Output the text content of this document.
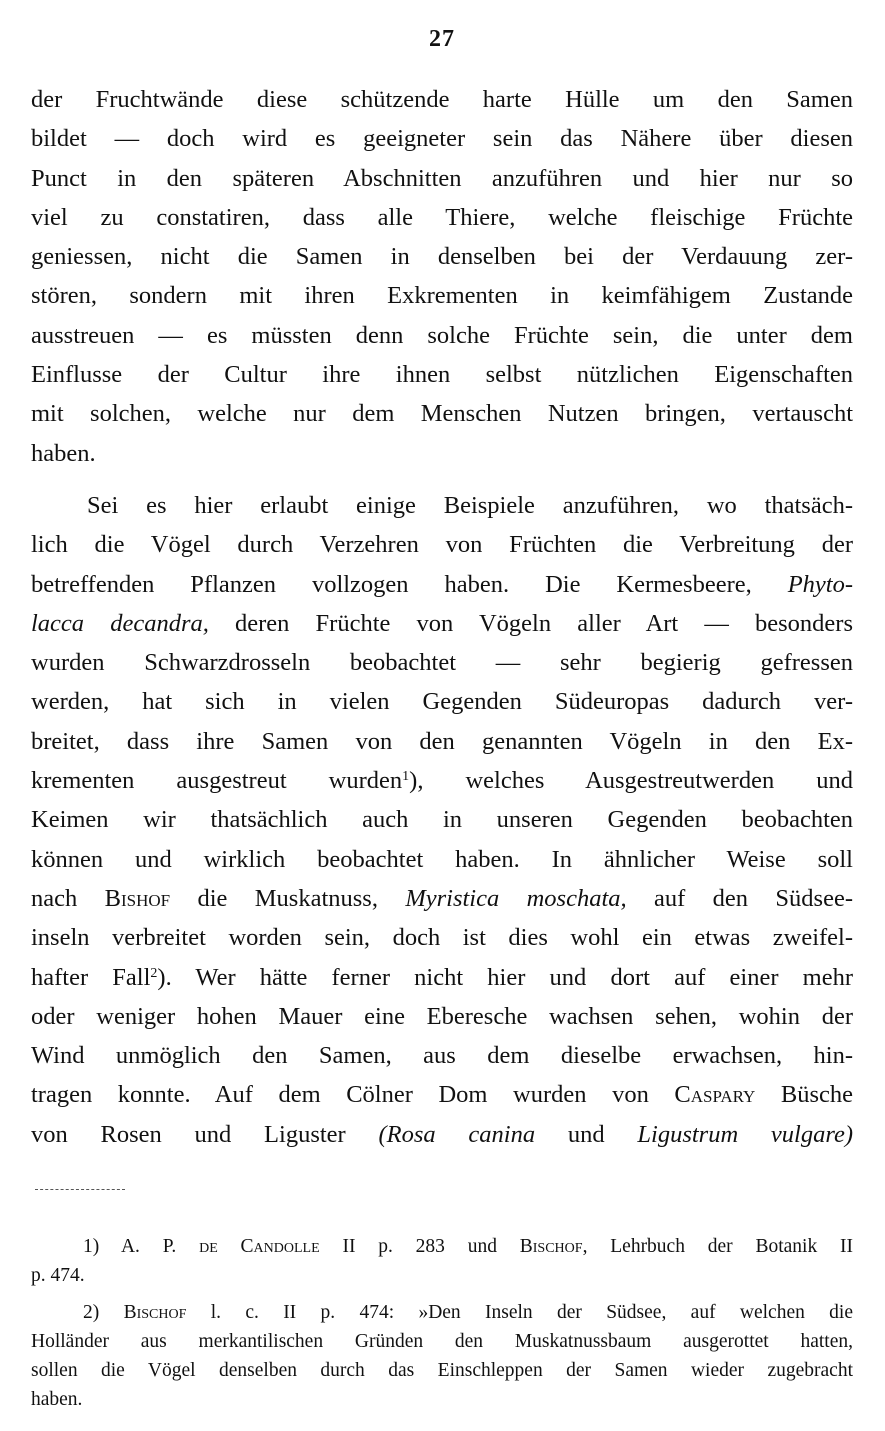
27
der Fruchtwände diese schützende harte Hülle um den Samen
bildet — doch wird es geeigneter sein das Nähere über diesen
Punct in den späteren Abschnitten anzuführen und hier nur so
viel zu constatiren, dass alle Thiere, welche fleischige Früchte
geniessen, nicht die Samen in denselben bei der Verdauung zer-
stören, sondern mit ihren Exkrementen in keimfähigem Zustande
ausstreuen — es müssten denn solche Früchte sein, die unter dem
Einflusse der Cultur ihre ihnen selbst nützlichen Eigenschaften
mit solchen, welche nur dem Menschen Nutzen bringen, vertauscht
haben.
Sei es hier erlaubt einige Beispiele anzuführen, wo thatsäch-
lich die Vögel durch Verzehren von Früchten die Verbreitung der
betreffenden Pflanzen vollzogen haben. Die Kermesbeere, Phyto-
lacca decandra, deren Früchte von Vögeln aller Art — besonders
wurden Schwarzdrosseln beobachtet — sehr begierig gefressen
werden, hat sich in vielen Gegenden Südeuropas dadurch ver-
breitet, dass ihre Samen von den genannten Vögeln in den Ex-
krementen ausgestreut wurden$^1$), welches Ausgestreutwerden und
Keimen wir thatsächlich auch in unseren Gegenden beobachten
können und wirklich beobachtet haben. In ähnlicher Weise soll
nach Bishof die Muskatnuss, Myristica moschata, auf den Südsee-
inseln verbreitet worden sein, doch ist dies wohl ein etwas zweifel-
hafter Fall$^2$). Wer hätte ferner nicht hier und dort auf einer mehr
oder weniger hohen Mauer eine Eberesche wachsen sehen, wohin der
Wind unmöglich den Samen, aus dem dieselbe erwachsen, hin-
tragen konnte. Auf dem Cölner Dom wurden von Caspary Büsche
von Rosen und Liguster (Rosa canina und Ligustrum vulgare)
1) A. P. de Candolle II p. 283 und Bischof, Lehrbuch der Botanik II
p. 474.
2) Bischof l. c. II p. 474: »Den Inseln der Südsee, auf welchen die
Holländer aus merkantilischen Gründen den Muskatnussbaum ausgerottet hatten,
sollen die Vögel denselben durch das Einschleppen der Samen wieder zugebracht
haben.
